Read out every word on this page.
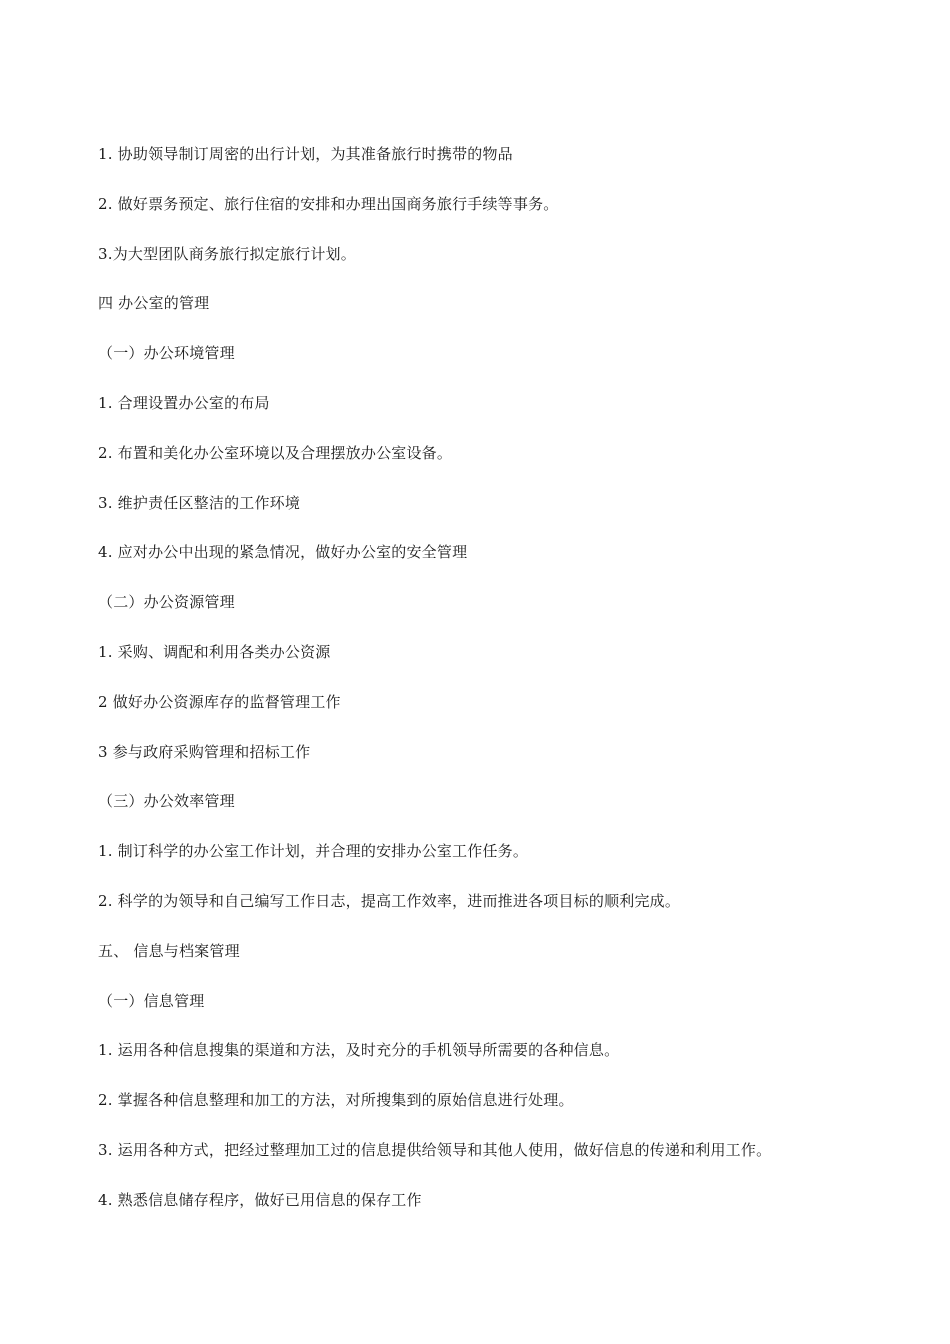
1. 协助领导制订周密的出行计划，为其准备旅行时携带的物品
2. 做好票务预定、旅行住宿的安排和办理出国商务旅行手续等事务。
3.为大型团队商务旅行拟定旅行计划。
四 办公室的管理
（一）办公环境管理
1. 合理设置办公室的布局
2. 布置和美化办公室环境以及合理摆放办公室设备。
3. 维护责任区整洁的工作环境
4. 应对办公中出现的紧急情况，做好办公室的安全管理
（二）办公资源管理
1. 采购、调配和利用各类办公资源
2 做好办公资源库存的监督管理工作
3 参与政府采购管理和招标工作
（三）办公效率管理
1. 制订科学的办公室工作计划，并合理的安排办公室工作任务。
2. 科学的为领导和自己编写工作日志，提高工作效率，进而推进各项目标的顺利完成。
五、 信息与档案管理
（一）信息管理
1. 运用各种信息搜集的渠道和方法，及时充分的手机领导所需要的各种信息。
2. 掌握各种信息整理和加工的方法，对所搜集到的原始信息进行处理。
3. 运用各种方式，把经过整理加工过的信息提供给领导和其他人使用，做好信息的传递和利用工作。
4. 熟悉信息储存程序，做好已用信息的保存工作
